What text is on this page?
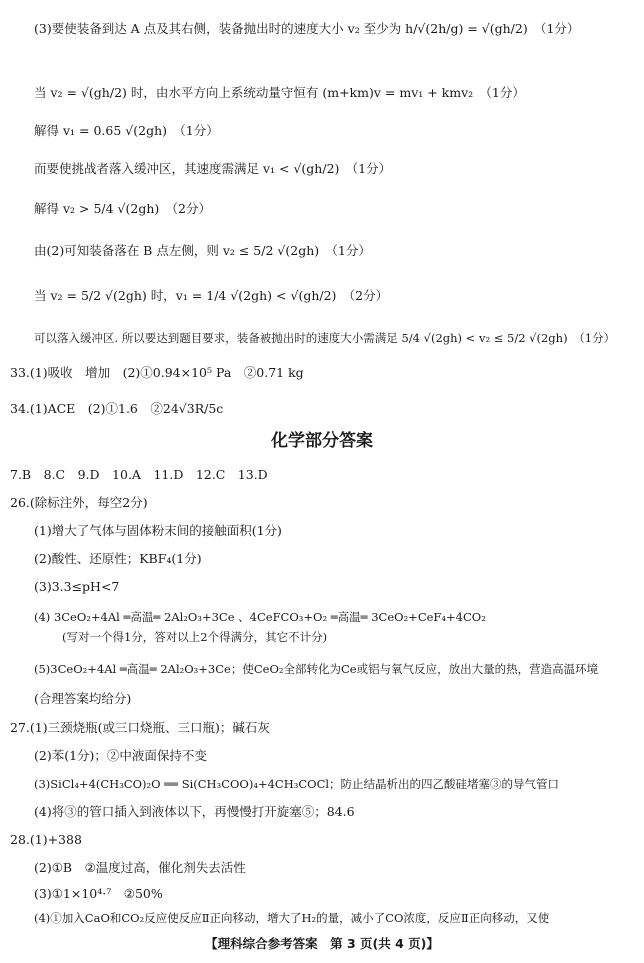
(3)要使装备到达 A 点及其右侧，装备抛出时的速度大小 v₂ 至少为 h/√(2h/g) = √(gh/2)　（1分）
当 v₂ = √(gh/2) 时，由水平方向上系统动量守恒有 (m+km)v = mv₁ + kmv₂　（1分）
解得 v₁ = 0.65 √(2gh)　（1分）
而要使挑战者落入缓冲区，其速度需满足 v₁ < √(gh/2)　（1分）
解得 v₂ > 5/4 √(2gh)　（2分）
由(2)可知装备落在 B 点左侧，则 v₂ ≤ 5/2 √(2gh)　（1分）
当 v₂ = 5/2 √(2gh) 时，v₁ = 1/4 √(2gh) < √(gh/2)　（2分）
可以落入缓冲区. 所以要达到题目要求，装备被抛出时的速度大小需满足 5/4 √(2gh) < v₂ ≤ 5/2 √(2gh)　（1分）
33.(1)吸收　增加　(2)①0.94×10⁵ Pa　②0.71 kg
34.(1)ACE　(2)①1.6　②24√3R/5c
化学部分答案
7.B　8.C　9.D　10.A　11.D　12.C　13.D
26.(除标注外，每空2分)
(1)增大了气体与固体粉末间的接触面积(1分)
(2)酸性、还原性；KBF₄(1分)
(3)3.3≤pH<7
(4) 3CeO₂+4Al ═高温═ 2Al₂O₃+3Ce 、4CeFCO₃+O₂ ═高温═ 3CeO₂+CeF₄+4CO₂
(写对一个得1分，答对以上2个得满分，其它不计分)
(5)3CeO₂+4Al ═高温═ 2Al₂O₃+3Ce；使CeO₂全部转化为Ce或铝与氧气反应，放出大量的热，营造高温环境
(合理答案均给分)
27.(1)三颈烧瓶(或三口烧瓶、三口瓶)；碱石灰
(2)苯(1分)；②中液面保持不变
(3)SiCl₄+4(CH₃CO)₂O ══ Si(CH₃COO)₄+4CH₃COCl；防止结晶析出的四乙酸硅堵塞③的导气管口
(4)将③的管口插入到液体以下，再慢慢打开旋塞⑤；84.6
28.(1)+388
(2)①B　②温度过高，催化剂失去活性
(3)①1×10⁴·⁷　②50%
(4)①加入CaO和CO₂反应使反应Ⅱ正向移动，增大了H₂的量，减小了CO浓度，反应Ⅱ正向移动，又使
【理科综合参考答案　第 3 页(共 4 页)】
